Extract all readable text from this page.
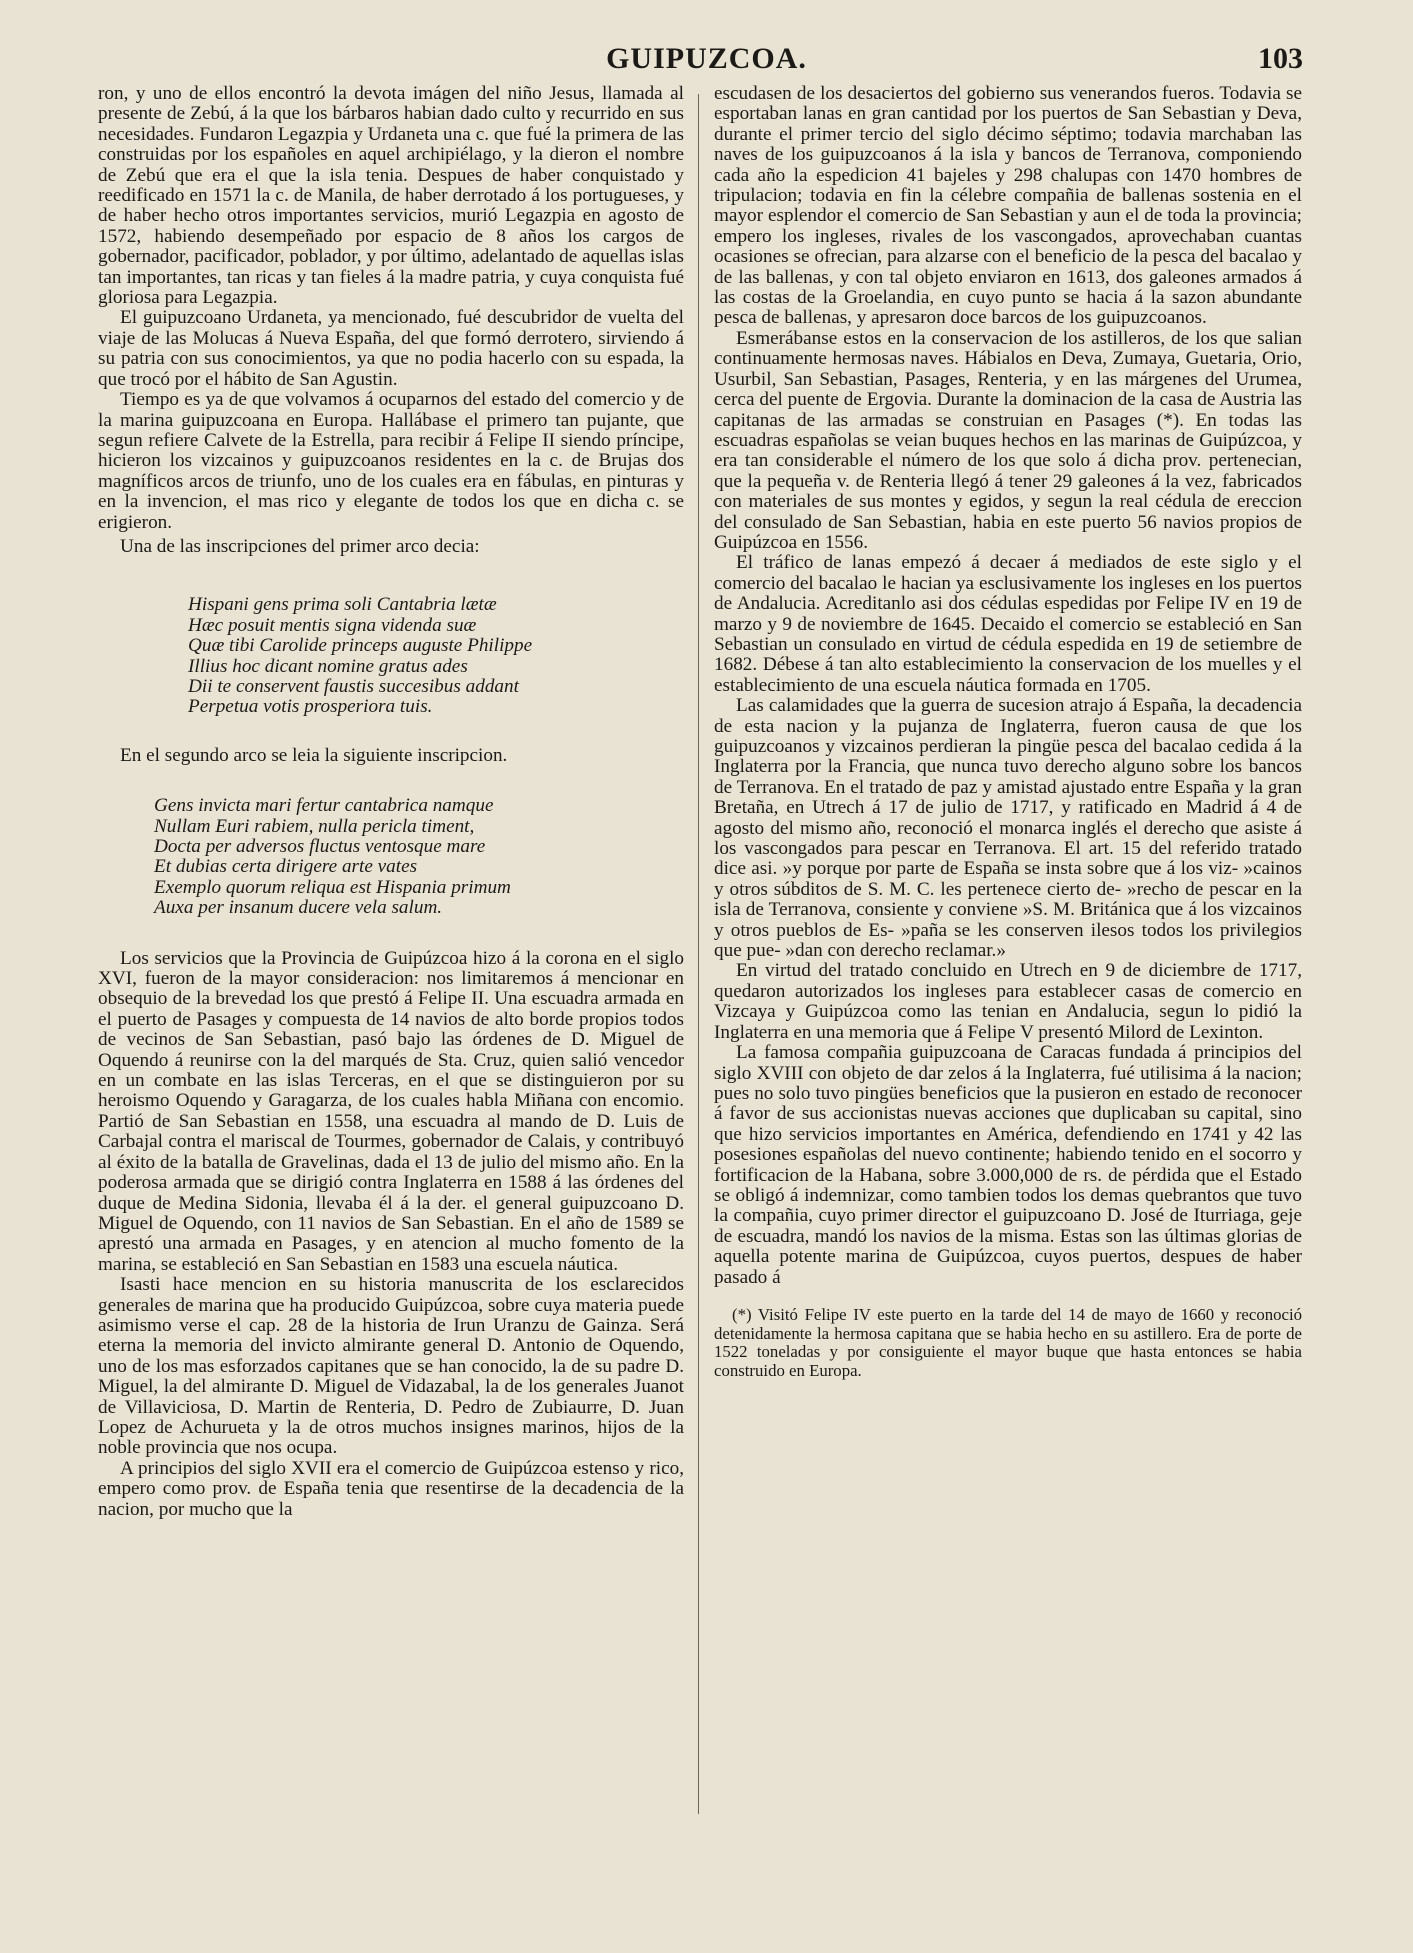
GUIPUZCOA.	103

ron, y uno de ellos encontró la devota imágen del niño Jesus, llamada al presente de Zebú, á la que los bárbaros habian dado culto y recurrido en sus necesidades. Fundaron Legazpia y Urdaneta una c. que fué la primera de las construidas por los españoles en aquel archipiélago, y la dieron el nombre de Zebú que era el que la isla tenia. Despues de haber conquistado y reedificado en 1571 la c. de Manila, de haber derrotado á los portugueses, y de haber hecho otros importantes servicios, murió Legazpia en agosto de 1572, habiendo desempeñado por espacio de 8 años los cargos de gobernador, pacificador, poblador, y por último, adelantado de aquellas islas tan importantes, tan ricas y tan fieles á la madre patria, y cuya conquista fué gloriosa para Legazpia.

El guipuzcoano Urdaneta, ya mencionado, fué descubridor de vuelta del viaje de las Molucas á Nueva España, del que formó derrotero, sirviendo á su patria con sus conocimientos, ya que no podia hacerlo con su espada, la que trocó por el hábito de San Agustin.

Tiempo es ya de que volvamos á ocuparnos del estado del comercio y de la marina guipuzcoana en Europa. Hallábase el primero tan pujante, que segun refiere Calvete de la Estrella, para recibir á Felipe II siendo príncipe, hicieron los vizcainos y guipuzcoanos residentes en la c. de Brujas dos magníficos arcos de triunfo, uno de los cuales era en fábulas, en pinturas y en la invencion, el mas rico y elegante de todos los que en dicha c. se erigieron.

Una de las inscripciones del primer arco decia:

Hispani gens prima soli Cantabria lætæ
Hæc posuit mentis signa videnda suæ
Quæ tibi Carolide princeps auguste Philippe
Illius hoc dicant nomine gratus ades
Dii te conservent faustis succesibus addant
Perpetua votis prosperiora tuis.

En el segundo arco se leia la siguiente inscripcion.

Gens invicta mari fertur cantabrica namque
Nullam Euri rabiem, nulla pericla timent,
Docta per adversos fluctus ventosque mare
Et dubias certa dirigere arte vates
Exemplo quorum reliqua est Hispania primum
Auxa per insanum ducere vela salum.

Los servicios que la Provincia de Guipúzcoa hizo á la corona en el siglo XVI, fueron de la mayor consideracion: nos limitaremos á mencionar en obsequio de la brevedad los que prestó á Felipe II. Una escuadra armada en el puerto de Pasages y compuesta de 14 navios de alto borde propios todos de vecinos de San Sebastian, pasó bajo las órdenes de D. Miguel de Oquendo á reunirse con la del marqués de Sta. Cruz, quien salió vencedor en un combate en las islas Terceras, en el que se distinguieron por su heroismo Oquendo y Garagarza, de los cuales habla Miñana con encomio. Partió de San Sebastian en 1558, una escuadra al mando de D. Luis de Carbajal contra el mariscal de Tourmes, gobernador de Calais, y contribuyó al éxito de la batalla de Gravelinas, dada el 13 de julio del mismo año. En la poderosa armada que se dirigió contra Inglaterra en 1588 á las órdenes del duque de Medina Sidonia, llevaba él á la der. el general guipuzcoano D. Miguel de Oquendo, con 11 navios de San Sebastian. En el año de 1589 se aprestó una armada en Pasages, y en atencion al mucho fomento de la marina, se estableció en San Sebastian en 1583 una escuela náutica.

Isasti hace mencion en su historia manuscrita de los esclarecidos generales de marina que ha producido Guipúzcoa, sobre cuya materia puede asimismo verse el cap. 28 de la historia de Irun Uranzu de Gainza. Será eterna la memoria del invicto almirante general D. Antonio de Oquendo, uno de los mas esforzados capitanes que se han conocido, la de su padre D. Miguel, la del almirante D. Miguel de Vidazabal, la de los generales Juanot de Villaviciosa, D. Martin de Renteria, D. Pedro de Zubiaurre, D. Juan Lopez de Achurueta y la de otros muchos insignes marinos, hijos de la noble provincia que nos ocupa.

A principios del siglo XVII era el comercio de Guipúzcoa estenso y rico, empero como prov. de España tenia que resentirse de la decadencia de la nacion, por mucho que la

escudasen de los desaciertos del gobierno sus venerandos fueros. Todavia se esportaban lanas en gran cantidad por los puertos de San Sebastian y Deva, durante el primer tercio del siglo décimo séptimo; todavia marchaban las naves de los guipuzcoanos á la isla y bancos de Terranova, componiendo cada año la espedicion 41 bajeles y 298 chalupas con 1470 hombres de tripulacion; todavia en fin la célebre compañia de ballenas sostenia en el mayor esplendor el comercio de San Sebastian y aun el de toda la provincia; empero los ingleses, rivales de los vascongados, aprovechaban cuantas ocasiones se ofrecian, para alzarse con el beneficio de la pesca del bacalao y de las ballenas, y con tal objeto enviaron en 1613, dos galeones armados á las costas de la Groelandia, en cuyo punto se hacia á la sazon abundante pesca de ballenas, y apresaron doce barcos de los guipuzcoanos.

Esmerábanse estos en la conservacion de los astilleros, de los que salian continuamente hermosas naves. Hábialos en Deva, Zumaya, Guetaria, Orio, Usurbil, San Sebastian, Pasages, Renteria, y en las márgenes del Urumea, cerca del puente de Ergovia. Durante la dominacion de la casa de Austria las capitanas de las armadas se construian en Pasages (*). En todas las escuadras españolas se veian buques hechos en las marinas de Guipúzcoa, y era tan considerable el número de los que solo á dicha prov. pertenecian, que la pequeña v. de Renteria llegó á tener 29 galeones á la vez, fabricados con materiales de sus montes y egidos, y segun la real cédula de ereccion del consulado de San Sebastian, habia en este puerto 56 navios propios de Guipúzcoa en 1556.

El tráfico de lanas empezó á decaer á mediados de este siglo y el comercio del bacalao le hacian ya esclusivamente los ingleses en los puertos de Andalucia. Acreditanlo asi dos cédulas espedidas por Felipe IV en 19 de marzo y 9 de noviembre de 1645. Decaido el comercio se estableció en San Sebastian un consulado en virtud de cédula espedida en 19 de setiembre de 1682. Débese á tan alto establecimiento la conservacion de los muelles y el establecimiento de una escuela náutica formada en 1705.

Las calamidades que la guerra de sucesion atrajo á España, la decadencia de esta nacion y la pujanza de Inglaterra, fueron causa de que los guipuzcoanos y vizcainos perdieran la pingüe pesca del bacalao cedida á la Inglaterra por la Francia, que nunca tuvo derecho alguno sobre los bancos de Terranova. En el tratado de paz y amistad ajustado entre España y la gran Bretaña, en Utrech á 17 de julio de 1717, y ratificado en Madrid á 4 de agosto del mismo año, reconoció el monarca inglés el derecho que asiste á los vascongados para pescar en Terranova. El art. 15 del referido tratado dice asi. »y porque por parte de España se insta sobre que á los viz- »cainos y otros súbditos de S. M. C. les pertenece cierto de- »recho de pescar en la isla de Terranova, consiente y conviene »S. M. Británica que á los vizcainos y otros pueblos de Es- »paña se les conserven ilesos todos los privilegios que pue- »dan con derecho reclamar.»

En virtud del tratado concluido en Utrech en 9 de diciembre de 1717, quedaron autorizados los ingleses para establecer casas de comercio en Vizcaya y Guipúzcoa como las tenian en Andalucia, segun lo pidió la Inglaterra en una memoria que á Felipe V presentó Milord de Lexinton.

La famosa compañia guipuzcoana de Caracas fundada á principios del siglo XVIII con objeto de dar zelos á la Inglaterra, fué utilisima á la nacion; pues no solo tuvo pingües beneficios que la pusieron en estado de reconocer á favor de sus accionistas nuevas acciones que duplicaban su capital, sino que hizo servicios importantes en América, defendiendo en 1741 y 42 las posesiones españolas del nuevo continente; habiendo tenido en el socorro y fortificacion de la Habana, sobre 3.000,000 de rs. de pérdida que el Estado se obligó á indemnizar, como tambien todos los demas quebrantos que tuvo la compañia, cuyo primer director el guipuzcoano D. José de Iturriaga, geje de escuadra, mandó los navios de la misma. Estas son las últimas glorias de aquella potente marina de Guipúzcoa, cuyos puertos, despues de haber pasado á

(*) Visitó Felipe IV este puerto en la tarde del 14 de mayo de 1660 y reconoció detenidamente la hermosa capitana que se habia hecho en su astillero. Era de porte de 1522 toneladas y por consiguiente el mayor buque que hasta entonces se habia construido en Europa.
